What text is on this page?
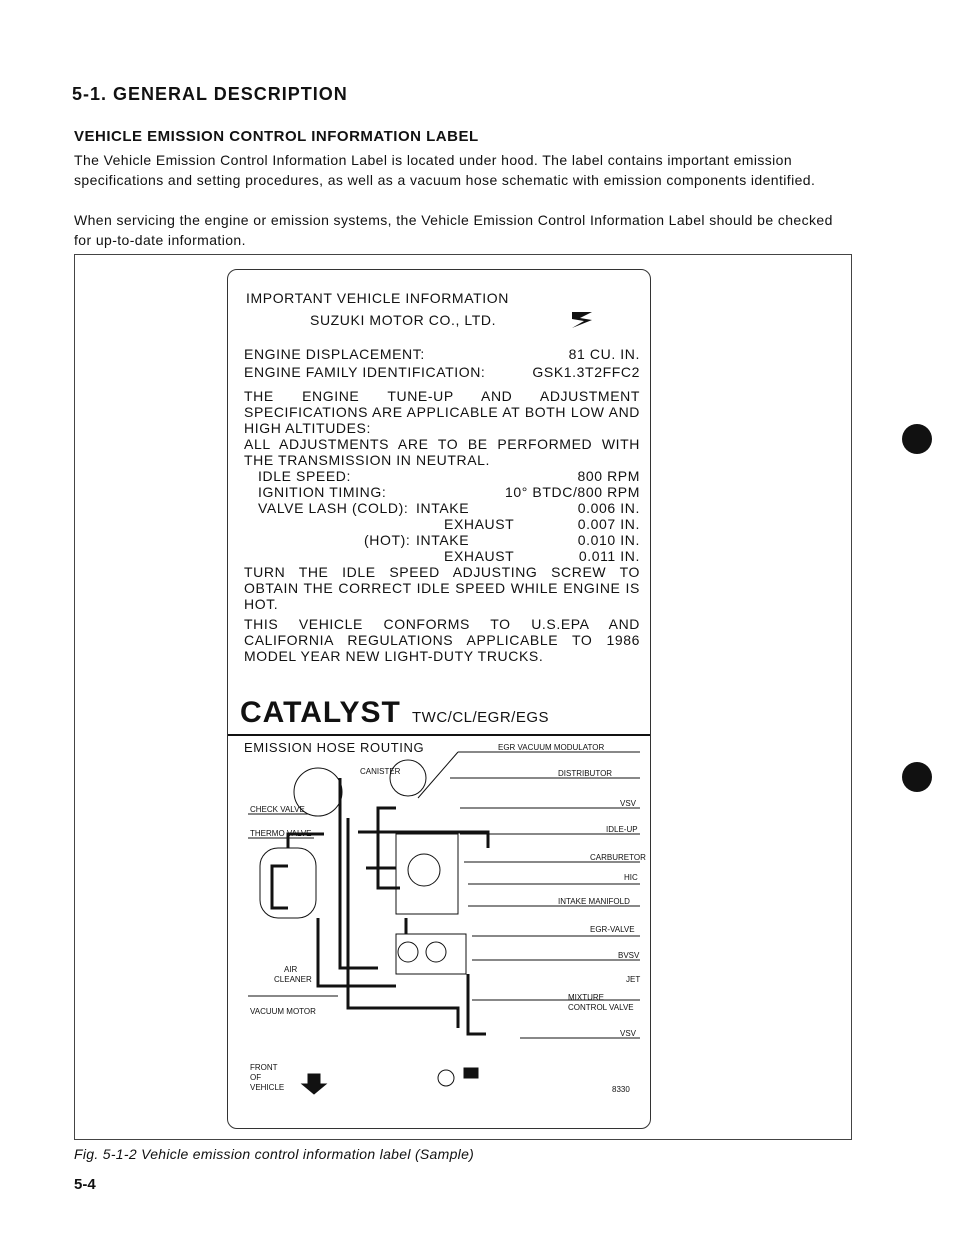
5-1. GENERAL DESCRIPTION
VEHICLE EMISSION CONTROL INFORMATION LABEL

The Vehicle Emission Control Information Label is located under hood. The label contains important emission specifications and setting procedures, as well as a vacuum hose schematic with emission components identified.

When servicing the engine or emission systems, the Vehicle Emission Control Information Label should be checked for up-to-date information.

IMPORTANT VEHICLE INFORMATION
SUZUKI MOTOR CO., LTD.
ENGINE DISPLACEMENT:	81 CU. IN.
ENGINE FAMILY IDENTIFICATION:	GSK1.3T2FFC2

THE ENGINE TUNE-UP AND ADJUSTMENT SPECIFICATIONS ARE APPLICABLE AT BOTH LOW AND HIGH ALTITUDES:

ALL ADJUSTMENTS ARE TO BE PERFORMED WITH THE TRANSMISSION IN NEUTRAL.

IDLE SPEED:	800 RPM
IGNITION TIMING:	10° BTDC/800 RPM
VALVE LASH (COLD): INTAKE	0.006 IN.
EXHAUST	0.007 IN.
(HOT): INTAKE	0.010 IN.
EXHAUST	0.011 IN.

TURN THE IDLE SPEED ADJUSTING SCREW TO OBTAIN THE CORRECT IDLE SPEED WHILE ENGINE IS HOT.

THIS VEHICLE CONFORMS TO U.S.EPA AND CALIFORNIA REGULATIONS APPLICABLE TO 1986 MODEL YEAR NEW LIGHT-DUTY TRUCKS.

CATALYST TWC/CL/EGR/EGS
EMISSION HOSE ROUTING	EGR VACUUM MODULATOR
CANISTER	DISTRIBUTOR
CHECK VALVE
VSV
THERMO VALVE	IDLE-UP
CARBURETOR
HIC
INTAKE MANIFOLD
EGR-VALVE
BVSV
AIR
CLEANER	JET
MIXTURE
CONTROL VALVE
VACUUM MOTOR
VSV
FRONT
OF
VEHICLE	8330
Fig. 5-1-2 Vehicle emission control information label (Sample)
5-4
